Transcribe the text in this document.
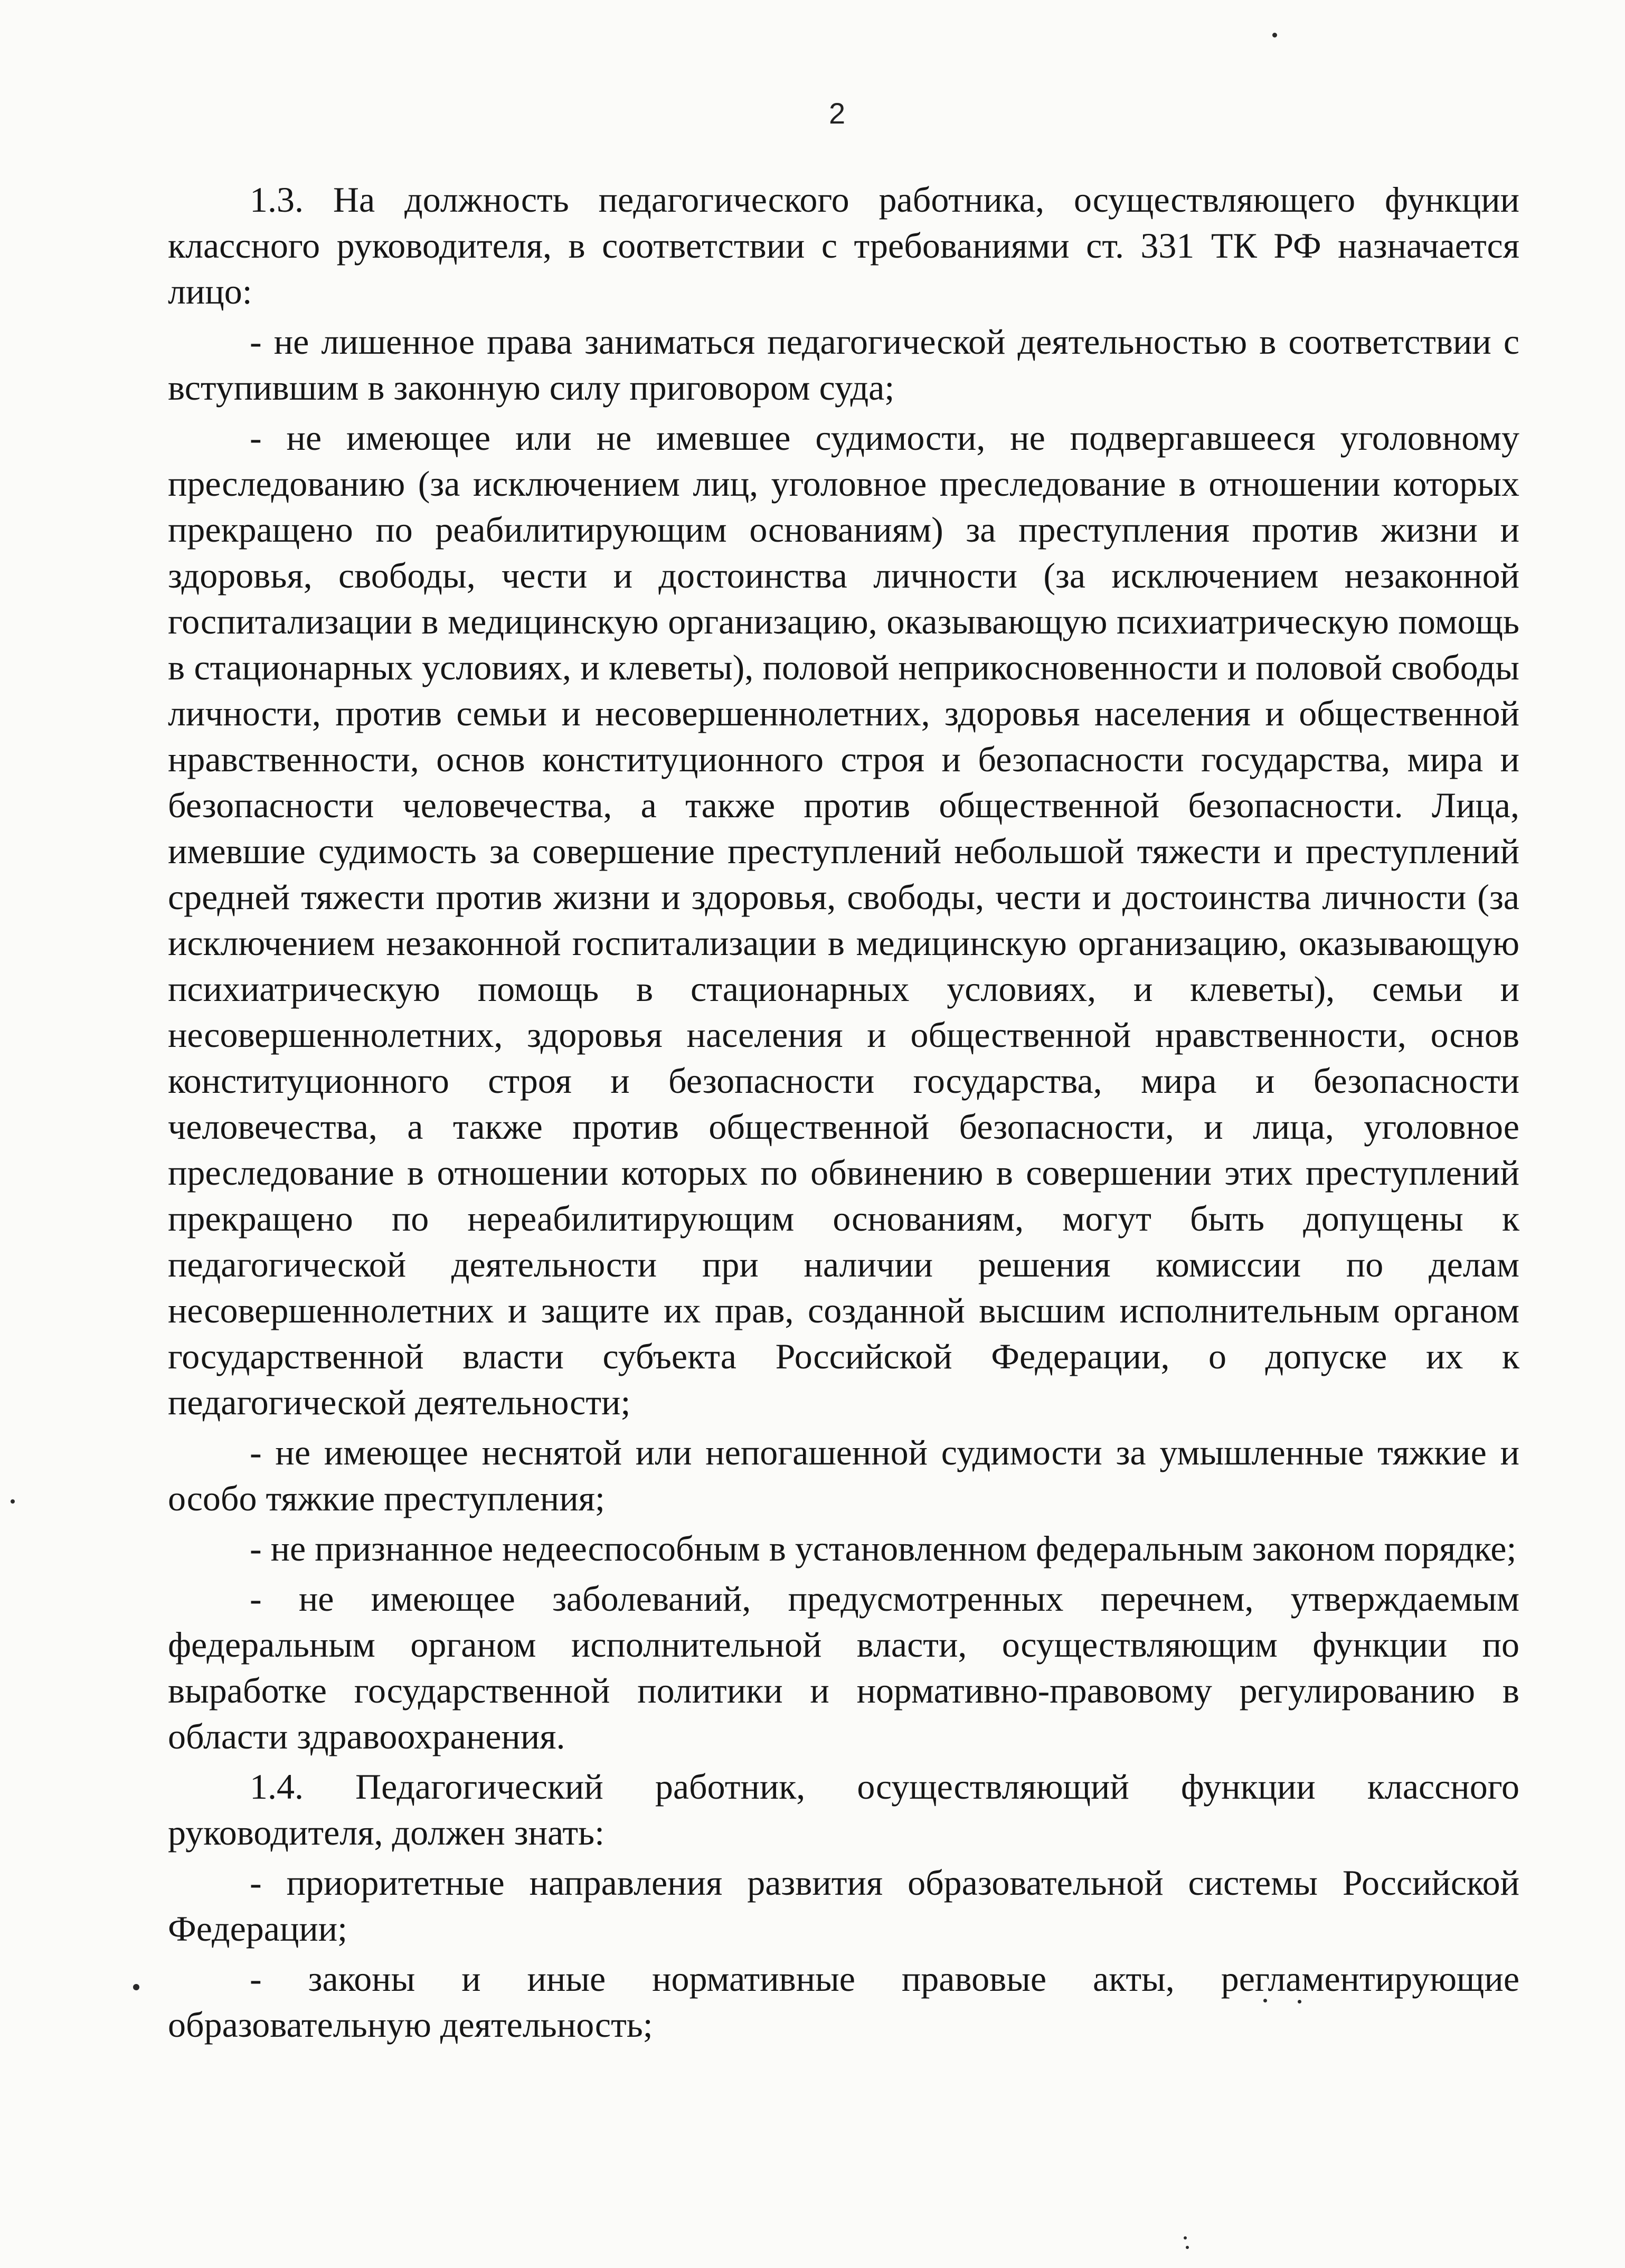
2

1.3. На должность педагогического работника, осуществляющего функции классного руководителя, в соответствии с требованиями ст. 331 ТК РФ назначается лицо:

- не лишенное права заниматься педагогической деятельностью в соответствии с вступившим в законную силу приговором суда;

- не имеющее или не имевшее судимости, не подвергавшееся уголовному преследованию (за исключением лиц, уголовное преследование в отношении которых прекращено по реабилитирующим основаниям) за преступления против жизни и здоровья, свободы, чести и достоинства личности (за исключением незаконной госпитализации в медицинскую организацию, оказывающую психиатрическую помощь в стационарных условиях, и клеветы), половой неприкосновенности и половой свободы личности, против семьи и несовершеннолетних, здоровья населения и общественной нравственности, основ конституционного строя и безопасности государства, мира и безопасности человечества, а также против общественной безопасности. Лица, имевшие судимость за совершение преступлений небольшой тяжести и преступлений средней тяжести против жизни и здоровья, свободы, чести и достоинства личности (за исключением незаконной госпитализации в медицинскую организацию, оказывающую психиатрическую помощь в стационарных условиях, и клеветы), семьи и несовершеннолетних, здоровья населения и общественной нравственности, основ конституционного строя и безопасности государства, мира и безопасности человечества, а также против общественной безопасности, и лица, уголовное преследование в отношении которых по обвинению в совершении этих преступлений прекращено по нереабилитирующим основаниям, могут быть допущены к педагогической деятельности при наличии решения комиссии по делам несовершеннолетних и защите их прав, созданной высшим исполнительным органом государственной власти субъекта Российской Федерации, о допуске их к педагогической деятельности;

- не имеющее неснятой или непогашенной судимости за умышленные тяжкие и особо тяжкие преступления;

- не признанное недееспособным в установленном федеральным законом порядке;

- не имеющее заболеваний, предусмотренных перечнем, утверждаемым федеральным органом исполнительной власти, осуществляющим функции по выработке государственной политики и нормативно-правовому регулированию в области здравоохранения.

1.4. Педагогический работник, осуществляющий функции классного руководителя, должен знать:

- приоритетные направления развития образовательной системы Российской Федерации;

- законы и иные нормативные правовые акты, регламентирующие образовательную деятельность;
